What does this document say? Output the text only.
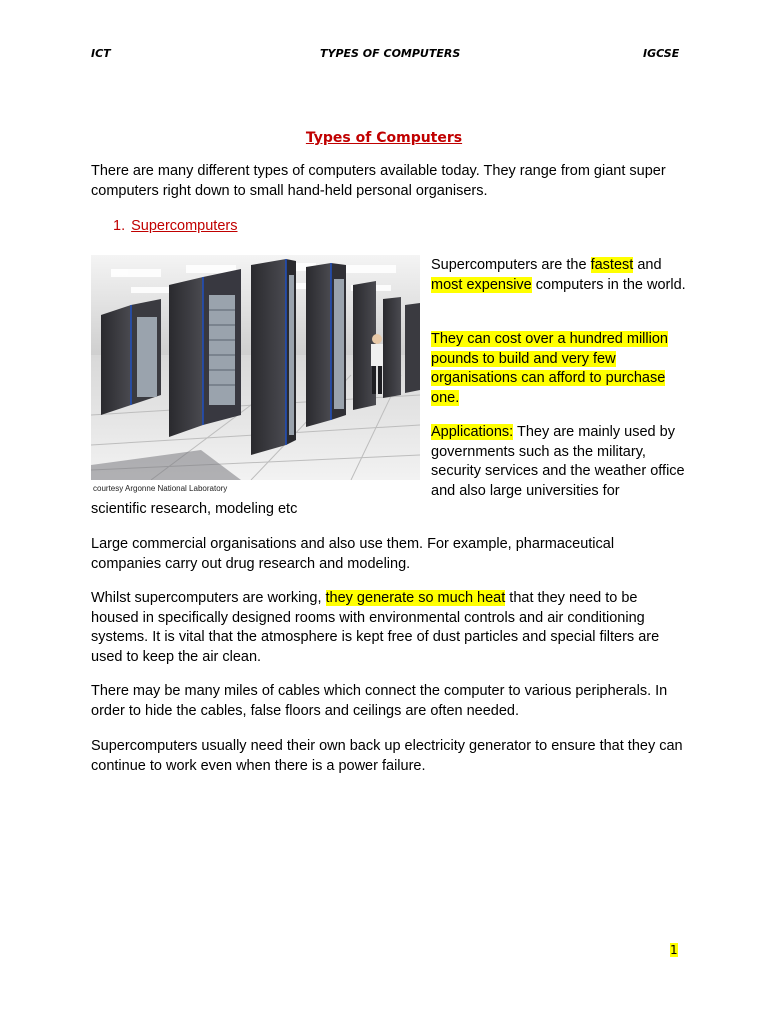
ICT	TYPES OF COMPUTERS	IGCSE
Types of Computers

There are many different types of computers available today. They range from giant super computers right down to small hand-held personal organisers.

1. Supercomputers
courtesy Argonne National Laboratory

Supercomputers are the fastest and most expensive computers in the world.

They can cost over a hundred million pounds to build and very few organisations can afford to purchase one.

Applications: They are mainly used by governments such as the military, security services and the weather office and also large universities for

scientific research, modeling etc

Large commercial organisations and also use them. For example, pharmaceutical companies carry out drug research and modeling.

Whilst supercomputers are working, they generate so much heat that they need to be housed in specifically designed rooms with environmental controls and air conditioning systems. It is vital that the atmosphere is kept free of dust particles and special filters are used to keep the air clean.

There may be many miles of cables which connect the computer to various peripherals. In order to hide the cables, false floors and ceilings are often needed.

Supercomputers usually need their own back up electricity generator to ensure that they can continue to work even when there is a power failure.

1
